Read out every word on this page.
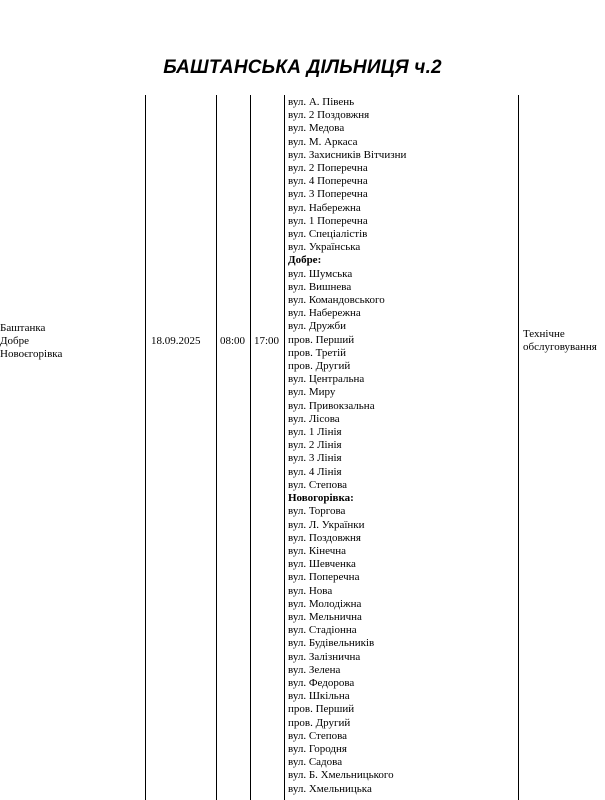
БАШТАНСЬКА ДІЛЬНИЦЯ ч.2
Баштанка
Добре
Новоєгорівка
18.09.2025 08:00 17:00
Технічне обслуговування
вул. А. Півень
вул. 2 Поздовжня
вул. Медова
вул. М. Аркаса
вул. Захисників Вітчизни
вул. 2 Поперечна
вул. 4 Поперечна
вул. 3 Поперечна
вул. Набережна
вул. 1 Поперечна
вул. Спеціалістів
вул. Українська
Добре:
вул. Шумська
вул. Вишнева
вул. Командовського
вул. Набережна
вул. Дружби
пров. Перший
пров. Третій
пров. Другий
вул. Центральна
вул. Миру
вул. Привокзальна
вул. Лісова
вул. 1 Лінія
вул. 2 Лінія
вул. 3 Лінія
вул. 4 Лінія
вул. Степова
Новогорівка:
вул. Торгова
вул. Л. Українки
вул. Поздовжня
вул. Кінечна
вул. Шевченка
вул. Поперечна
вул. Нова
вул. Молодіжна
вул. Мельнична
вул. Стадіонна
вул. Будівельників
вул. Залізнична
вул. Зелена
вул. Федорова
вул. Шкільна
пров. Перший
пров. Другий
вул. Степова
вул. Городня
вул. Садова
вул. Б. Хмельницького
вул. Хмельницька
